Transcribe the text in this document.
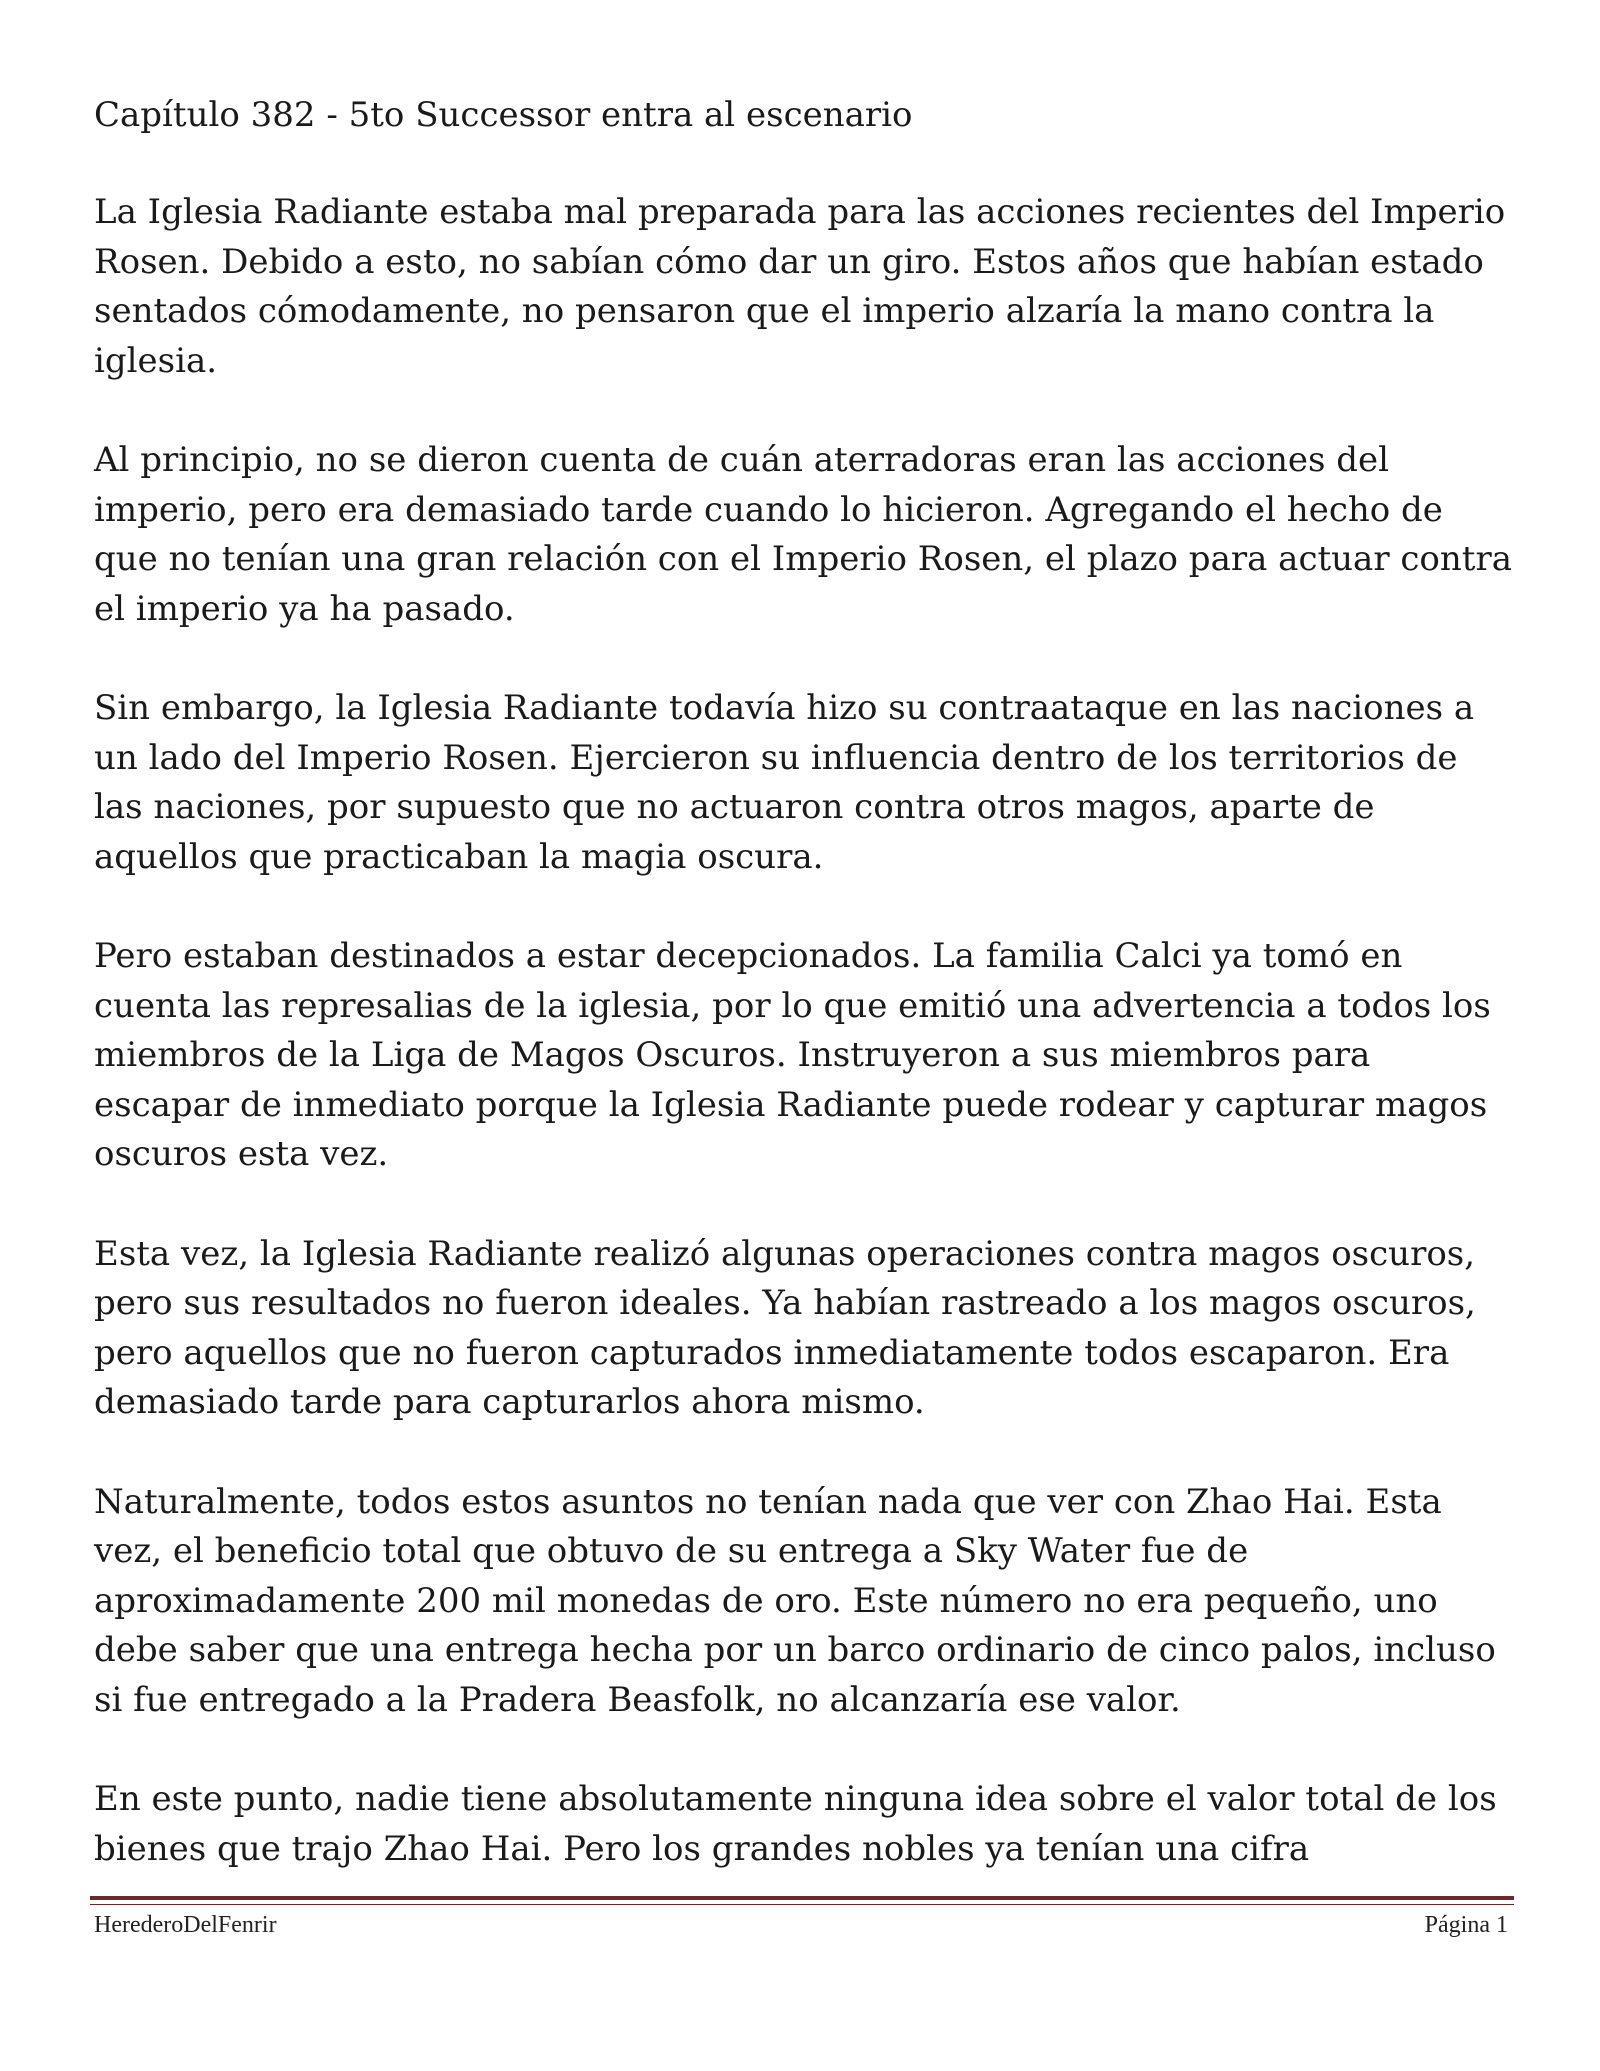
Capítulo 382 - 5to Successor entra al escenario

La Iglesia Radiante estaba mal preparada para las acciones recientes del Imperio Rosen. Debido a esto, no sabían cómo dar un giro. Estos años que habían estado sentados cómodamente, no pensaron que el imperio alzaría la mano contra la iglesia.

Al principio, no se dieron cuenta de cuán aterradoras eran las acciones del imperio, pero era demasiado tarde cuando lo hicieron. Agregando el hecho de que no tenían una gran relación con el Imperio Rosen, el plazo para actuar contra el imperio ya ha pasado.

Sin embargo, la Iglesia Radiante todavía hizo su contraataque en las naciones a un lado del Imperio Rosen. Ejercieron su influencia dentro de los territorios de las naciones, por supuesto que no actuaron contra otros magos, aparte de aquellos que practicaban la magia oscura.

Pero estaban destinados a estar decepcionados. La familia Calci ya tomó en cuenta las represalias de la iglesia, por lo que emitió una advertencia a todos los miembros de la Liga de Magos Oscuros. Instruyeron a sus miembros para escapar de inmediato porque la Iglesia Radiante puede rodear y capturar magos oscuros esta vez.

Esta vez, la Iglesia Radiante realizó algunas operaciones contra magos oscuros, pero sus resultados no fueron ideales. Ya habían rastreado a los magos oscuros, pero aquellos que no fueron capturados inmediatamente todos escaparon. Era demasiado tarde para capturarlos ahora mismo.

Naturalmente, todos estos asuntos no tenían nada que ver con Zhao Hai. Esta vez, el beneficio total que obtuvo de su entrega a Sky Water fue de aproximadamente 200 mil monedas de oro. Este número no era pequeño, uno debe saber que una entrega hecha por un barco ordinario de cinco palos, incluso si fue entregado a la Pradera Beasfolk, no alcanzaría ese valor.

En este punto, nadie tiene absolutamente ninguna idea sobre el valor total de los bienes que trajo Zhao Hai. Pero los grandes nobles ya tenían una cifra

HerederoDelFenrir	Página 1
